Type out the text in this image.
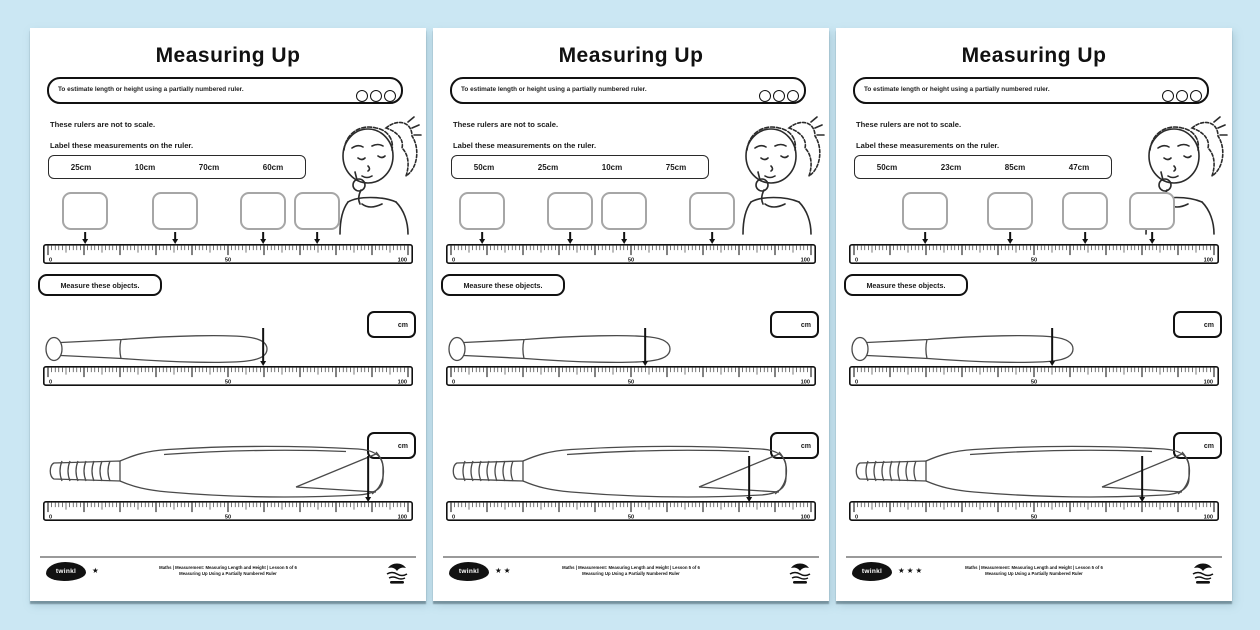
Measuring Up
To estimate length or height using a partially numbered ruler.
These rulers are not to scale.
Label these measurements on the ruler.
25cm	10cm	70cm	60cm
0	50	100
Measure these objects.
cm
0	50	100
cm
0	50	100
twinkl ★	Maths | Measurement: Measuring Length and Height | Lesson 5 of 6
Measuring Up Using a Partially Numbered Ruler
Measuring Up
To estimate length or height using a partially numbered ruler.
These rulers are not to scale.
Label these measurements on the ruler.
50cm	25cm	10cm	75cm
0	50	100
Measure these objects.
cm
0	50	100
cm
0	50	100
twinkl ★★	Maths | Measurement: Measuring Length and Height | Lesson 5 of 6
Measuring Up Using a Partially Numbered Ruler
Measuring Up
To estimate length or height using a partially numbered ruler.
These rulers are not to scale.
Label these measurements on the ruler.
50cm	23cm	85cm	47cm
0	50	100
Measure these objects.
cm
0	50	100
cm
0	50	100
twinkl ★★★	Maths | Measurement: Measuring Length and Height | Lesson 5 of 6
Measuring Up Using a Partially Numbered Ruler
